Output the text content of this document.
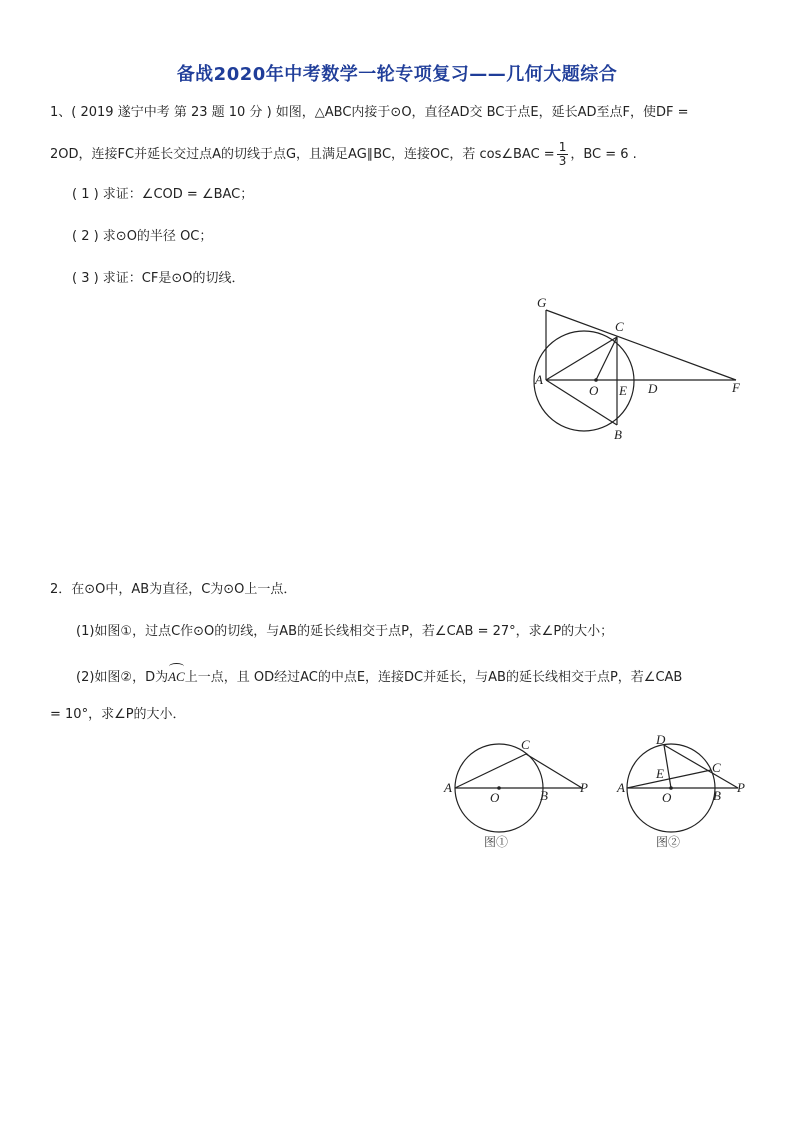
备战2020年中考数学一轮专项复习——几何大题综合
1、( 2019 遂宁中考 第 23 题 10 分 ) 如图，△ABC内接于⊙O，直径AD交 BC于点E，延长AD至点F，使DF =
2OD，连接FC并延长交过点A的切线于点G，且满足AG∥BC，连接OC，若 cos∠BAC = $\frac{1}{3}$ ，BC = 6 .
( 1 ) 求证：∠COD = ∠BAC；
( 2 ) 求⊙O的半径 OC；
( 3 ) 求证：CF是⊙O的切线．
G
C
A
O E D	F
B
2．在⊙O中，AB为直径，C为⊙O上一点．
(1)如图①，过点C作⊙O的切线，与AB的延长线相交于点P，若∠CAB = 27°，求∠P的大小；
(2)如图②，D为
AC上一点，且 OD经过AC的中点E，连接DC并延长，与AB的延长线相交于点P，若∠CAB
= 10°，求∠P的大小．
A
O	B
C
P
图①
D
E	C
A
O	B
P
图②
